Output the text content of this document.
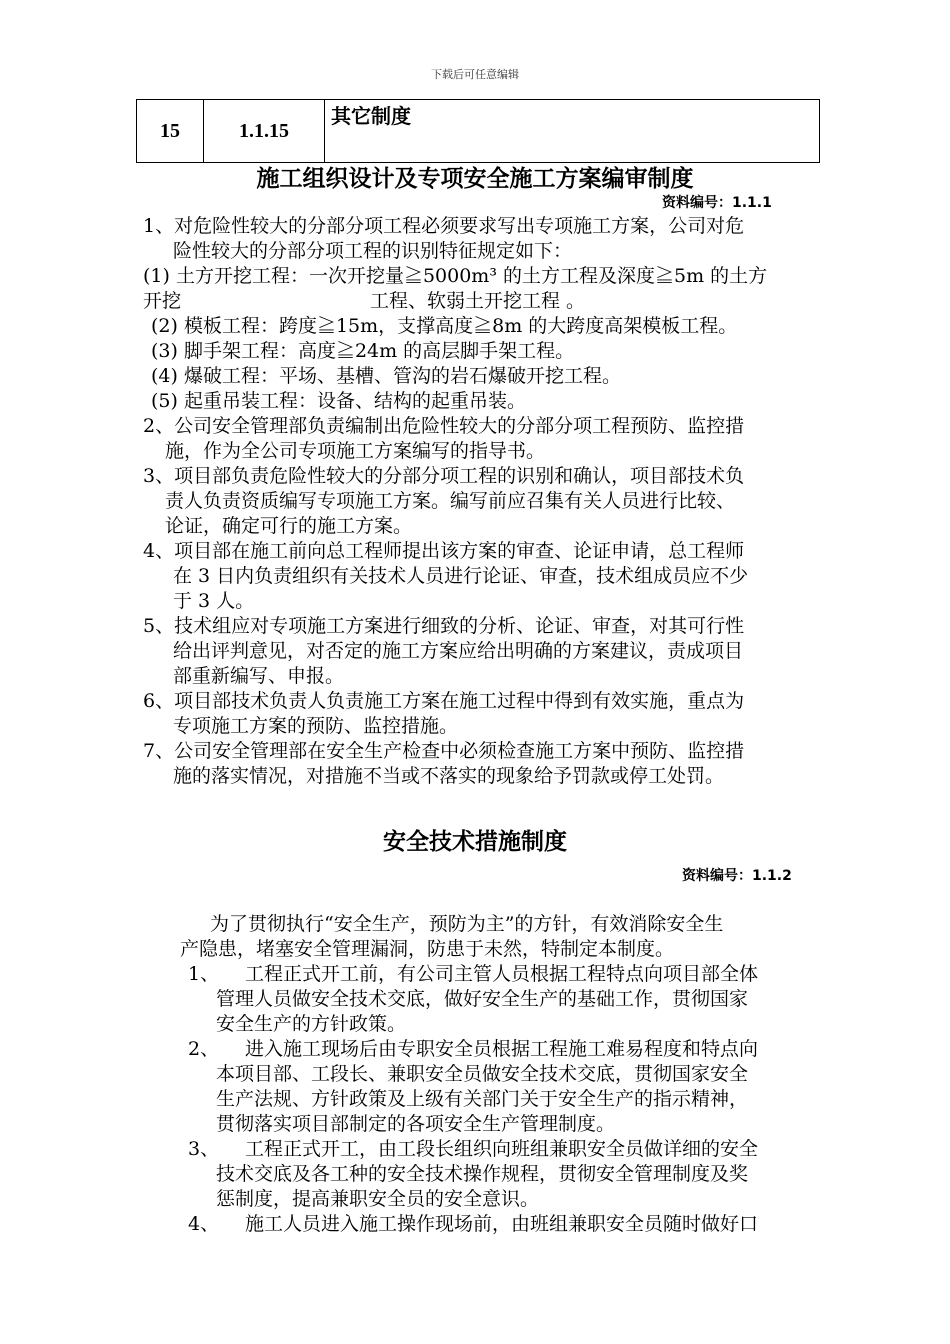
下载后可任意编辑
15	1.1.15	其它制度
施工组织设计及专项安全施工方案编审制度
资料编号：1.1.1
1、对危险性较大的分部分项工程必须要求写出专项施工方案，公司对危
险性较大的分部分项工程的识别特征规定如下：
(1) 土方开挖工程：一次开挖量≧5000m³ 的土方工程及深度≧5m 的土方
开挖	工程、软弱土开挖工程 。
(2) 模板工程：跨度≧15m，支撑高度≧8m 的大跨度高架模板工程。
(3) 脚手架工程：高度≧24m 的高层脚手架工程。
(4) 爆破工程：平场、基槽、管沟的岩石爆破开挖工程。
(5) 起重吊装工程：设备、结构的起重吊装。
2、公司安全管理部负责编制出危险性较大的分部分项工程预防、监控措
施，作为全公司专项施工方案编写的指导书。
3、项目部负责危险性较大的分部分项工程的识别和确认，项目部技术负
责人负责资质编写专项施工方案。编写前应召集有关人员进行比较、
论证，确定可行的施工方案。
4、项目部在施工前向总工程师提出该方案的审查、论证申请，总工程师
在 3 日内负责组织有关技术人员进行论证、审查，技术组成员应不少
于 3 人。
5、技术组应对专项施工方案进行细致的分析、论证、审查，对其可行性
给出评判意见，对否定的施工方案应给出明确的方案建议，责成项目
部重新编写、申报。
6、项目部技术负责人负责施工方案在施工过程中得到有效实施，重点为
专项施工方案的预防、监控措施。
7、公司安全管理部在安全生产检查中必须检查施工方案中预防、监控措
施的落实情况，对措施不当或不落实的现象给予罚款或停工处罚。
安全技术措施制度
资料编号：1.1.2
为了贯彻执行“安全生产，预防为主”的方针，有效消除安全生
产隐患，堵塞安全管理漏洞，防患于未然，特制定本制度。
1、 工程正式开工前，有公司主管人员根据工程特点向项目部全体
管理人员做安全技术交底，做好安全生产的基础工作，贯彻国家
安全生产的方针政策。
2、 进入施工现场后由专职安全员根据工程施工难易程度和特点向
本项目部、工段长、兼职安全员做安全技术交底，贯彻国家安全
生产法规、方针政策及上级有关部门关于安全生产的指示精神，
贯彻落实项目部制定的各项安全生产管理制度。
3、 工程正式开工，由工段长组织向班组兼职安全员做详细的安全
技术交底及各工种的安全技术操作规程，贯彻安全管理制度及奖
惩制度，提高兼职安全员的安全意识。
4、 施工人员进入施工操作现场前，由班组兼职安全员随时做好口
